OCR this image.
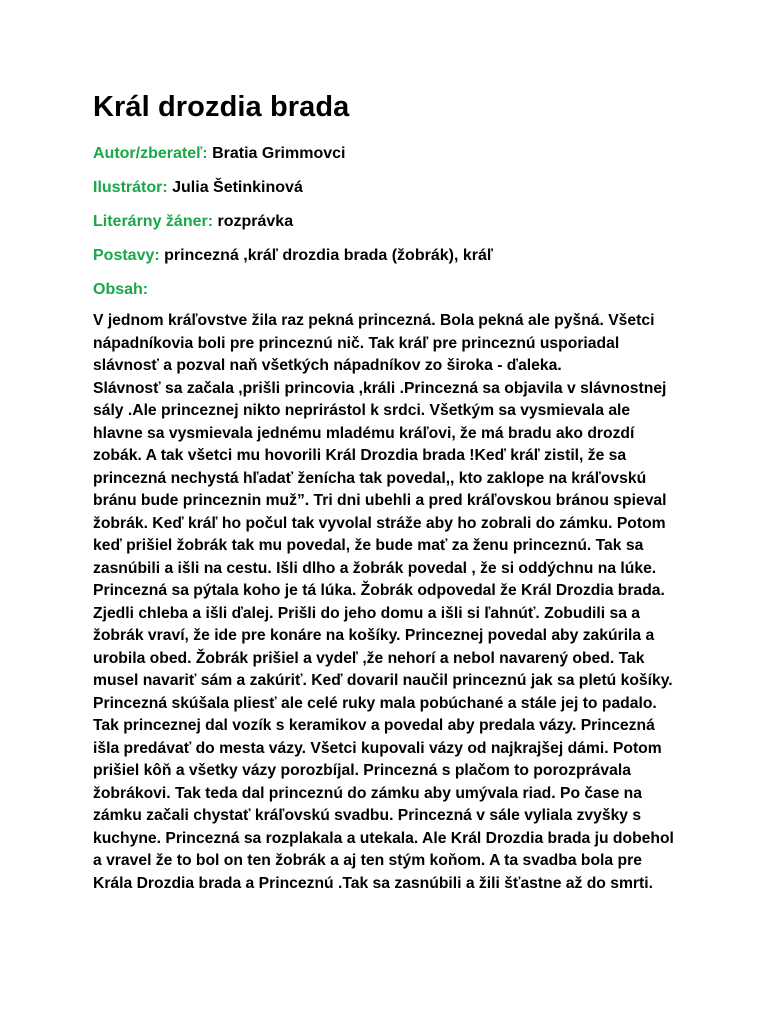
Král drozdia brada
Autor/zberateľ: Bratia Grimmovci
Ilustrátor: Julia Šetinkinová
Literárny žáner: rozprávka
Postavy: princezná ,kráľ drozdia brada (žobrák), kráľ
Obsah:

V jednom kráľovstve žila raz pekná princezná. Bola pekná ale pyšná. Všetci
nápadníkovia boli pre princeznú nič. Tak kráľ pre princeznú usporiadal
slávnosť a pozval naň všetkých nápadníkov zo široka - ďaleka.
Slávnosť sa začala ,prišli princovia ,králi .Princezná sa objavila v slávnostnej
sály .Ale princeznej nikto neprirástol k srdci. Všetkým sa vysmievala ale
hlavne sa vysmievala jednému mladému kráľovi, že má bradu ako drozdí
zobák. A tak všetci mu hovorili Král Drozdia brada !Keď kráľ zistil, že sa
princezná nechystá hľadať ženícha tak povedal,, kto zaklope na kráľovskú
bránu bude princeznin muž”. Tri dni ubehli a pred kráľovskou bránou spieval
žobrák. Keď kráľ ho počul tak vyvolal stráže aby ho zobrali do zámku. Potom
keď prišiel žobrák tak mu povedal, že bude mať za ženu princeznú. Tak sa
zasnúbili a išli na cestu. Išli dlho a žobrák povedal , že si oddýchnu na lúke.
Princezná sa pýtala koho je tá lúka. Žobrák odpovedal že Král Drozdia brada.
Zjedli chleba a išli ďalej. Prišli do jeho domu a išli si ľahnúť. Zobudili sa a
žobrák vraví, že ide pre konáre na košíky. Princeznej povedal aby zakúrila a
urobila obed. Žobrák prišiel a vydeľ ,že nehorí a nebol navarený obed. Tak
musel navariť sám a zakúriť. Keď dovaril naučil princeznú jak sa pletú košíky.
Princezná skúšala pliesť ale celé ruky mala pobúchané a stále jej to padalo.
Tak princeznej dal vozík s keramikov a povedal aby predala vázy. Princezná
išla predávať do mesta vázy. Všetci kupovali vázy od najkrajšej dámi. Potom
prišiel kôň a všetky vázy porozbíjal. Princezná s plačom to porozprávala
žobrákovi. Tak teda dal princeznú do zámku aby umývala riad. Po čase na
zámku začali chystať kráľovskú svadbu. Princezná v sále vyliala zvyšky s
kuchyne. Princezná sa rozplakala a utekala. Ale Král Drozdia brada ju dobehol
a vravel že to bol on ten žobrák a aj ten stým koňom. A ta svadba bola pre
Krála Drozdia brada a Princeznú .Tak sa zasnúbili a žili šťastne až do smrti.
